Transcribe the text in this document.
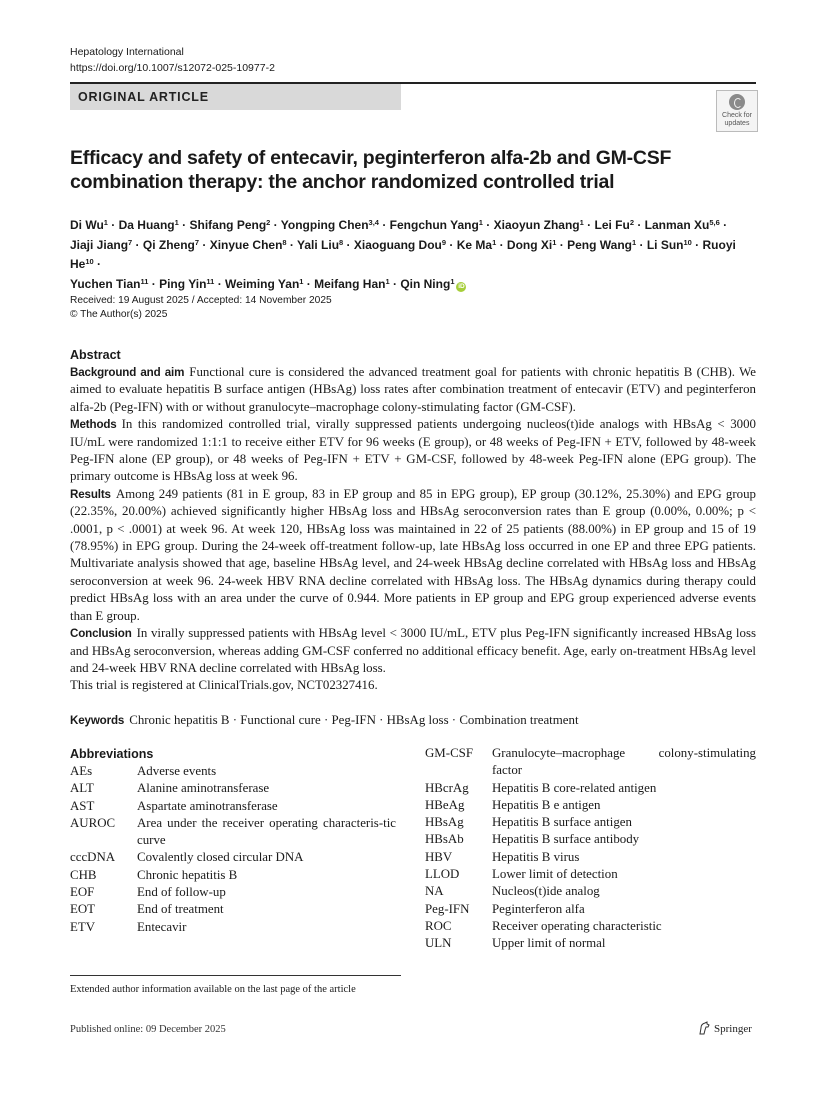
Hepatology International
https://doi.org/10.1007/s12072-025-10977-2
ORIGINAL ARTICLE
Check for
updates
Efficacy and safety of entecavir, peginterferon alfa-2b and GM-CSF combination therapy: the anchor randomized controlled trial
Di $Wu^1 \cdot Da$ Huang$^1$ · Shifang Peng$^2$ · Yongping Chen$^{3,4}$ · Fengchun Yang$^1$ · Xiaoyun Zhang$^1$ · Lei $Fu^2$ · Lanman Xu$^{5,6}$ ·
Jiaji Jiang$^7$ · Qi Zheng$^7$ · Xinyue Chen$^8$ · Yali Liu$^8$ · Xiaoguang Dou$^9$ · Ke $Ma^1$ · Dong $Xi^1$ · Peng Wang$^1$ · Li Sun$^{10}$ · Ruoyi $He^{10}$ ·
Yuchen Tian$^{11}$ · Ping Yin$^{11}$ · Weiming Yan$^1$ · Meifang Han$^1$ · Qin Ning$^1$iD
Received: 19 August 2025 / Accepted: 14 November 2025
© The Author(s) 2025
Abstract

Background and aim Functional cure is considered the advanced treatment goal for patients with chronic hepatitis B (CHB). We aimed to evaluate hepatitis B surface antigen (HBsAg) loss rates after combination treatment of entecavir (ETV) and peginterferon alfa-2b (Peg-IFN) with or without granulocyte–macrophage colony-stimulating factor (GM-CSF).

Methods In this randomized controlled trial, virally suppressed patients undergoing nucleos(t)ide analogs with HBsAg < 3000 IU/mL were randomized 1:1:1 to receive either ETV for 96 weeks (E group), or 48 weeks of Peg-IFN + ETV, followed by 48-week Peg-IFN alone (EP group), or 48 weeks of Peg-IFN + ETV + GM-CSF, followed by 48-week Peg-IFN alone (EPG group). The primary outcome is HBsAg loss at week 96.

Results Among 249 patients (81 in E group, 83 in EP group and 85 in EPG group), EP group (30.12%, 25.30%) and EPG group (22.35%, 20.00%) achieved significantly higher HBsAg loss and HBsAg seroconversion rates than E group (0.00%, 0.00%; p < .0001, p < .0001) at week 96. At week 120, HBsAg loss was maintained in 22 of 25 patients (88.00%) in EP group and 15 of 19 (78.95%) in EPG group. During the 24-week off-treatment follow-up, late HBsAg loss occurred in one EP and three EPG patients. Multivariate analysis showed that age, baseline HBsAg level, and 24-week HBsAg decline correlated with HBsAg loss and HBsAg seroconversion at week 96. 24-week HBV RNA decline correlated with HBsAg loss. The HBsAg dynamics during therapy could predict HBsAg loss with an area under the curve of 0.944. More patients in EP group and EPG group experienced adverse events than E group.

Conclusion In virally suppressed patients with HBsAg level < 3000 IU/mL, ETV plus Peg-IFN significantly increased HBsAg loss and HBsAg seroconversion, whereas adding GM-CSF conferred no additional efficacy benefit. Age, early on-treatment HBsAg level and 24-week HBV RNA decline correlated with HBsAg loss.

This trial is registered at ClinicalTrials.gov, NCT02327416.

Keywords Chronic hepatitis B · Functional cure · Peg-IFN · HBsAg loss · Combination treatment
Abbreviations
AEs	Adverse events
ALT	Alanine aminotransferase
AST	Aspartate aminotransferase
AUROC	Area under the receiver operating characteris-tic curve
cccDNA	Covalently closed circular DNA
CHB	Chronic hepatitis B
EOF	End of follow-up
EOT	End of treatment
ETV	Entecavir
GM-CSF	Granulocyte–macrophage colony-stimulating factor
HBcrAg	Hepatitis B core-related antigen
HBeAg	Hepatitis B e antigen
HBsAg	Hepatitis B surface antigen
HBsAb	Hepatitis B surface antibody
HBV	Hepatitis B virus
LLOD	Lower limit of detection
NA	Nucleos(t)ide analog
Peg-IFN	Peginterferon alfa
ROC	Receiver operating characteristic
ULN	Upper limit of normal
Extended author information available on the last page of the article
Published online: 09 December 2025	Springer
